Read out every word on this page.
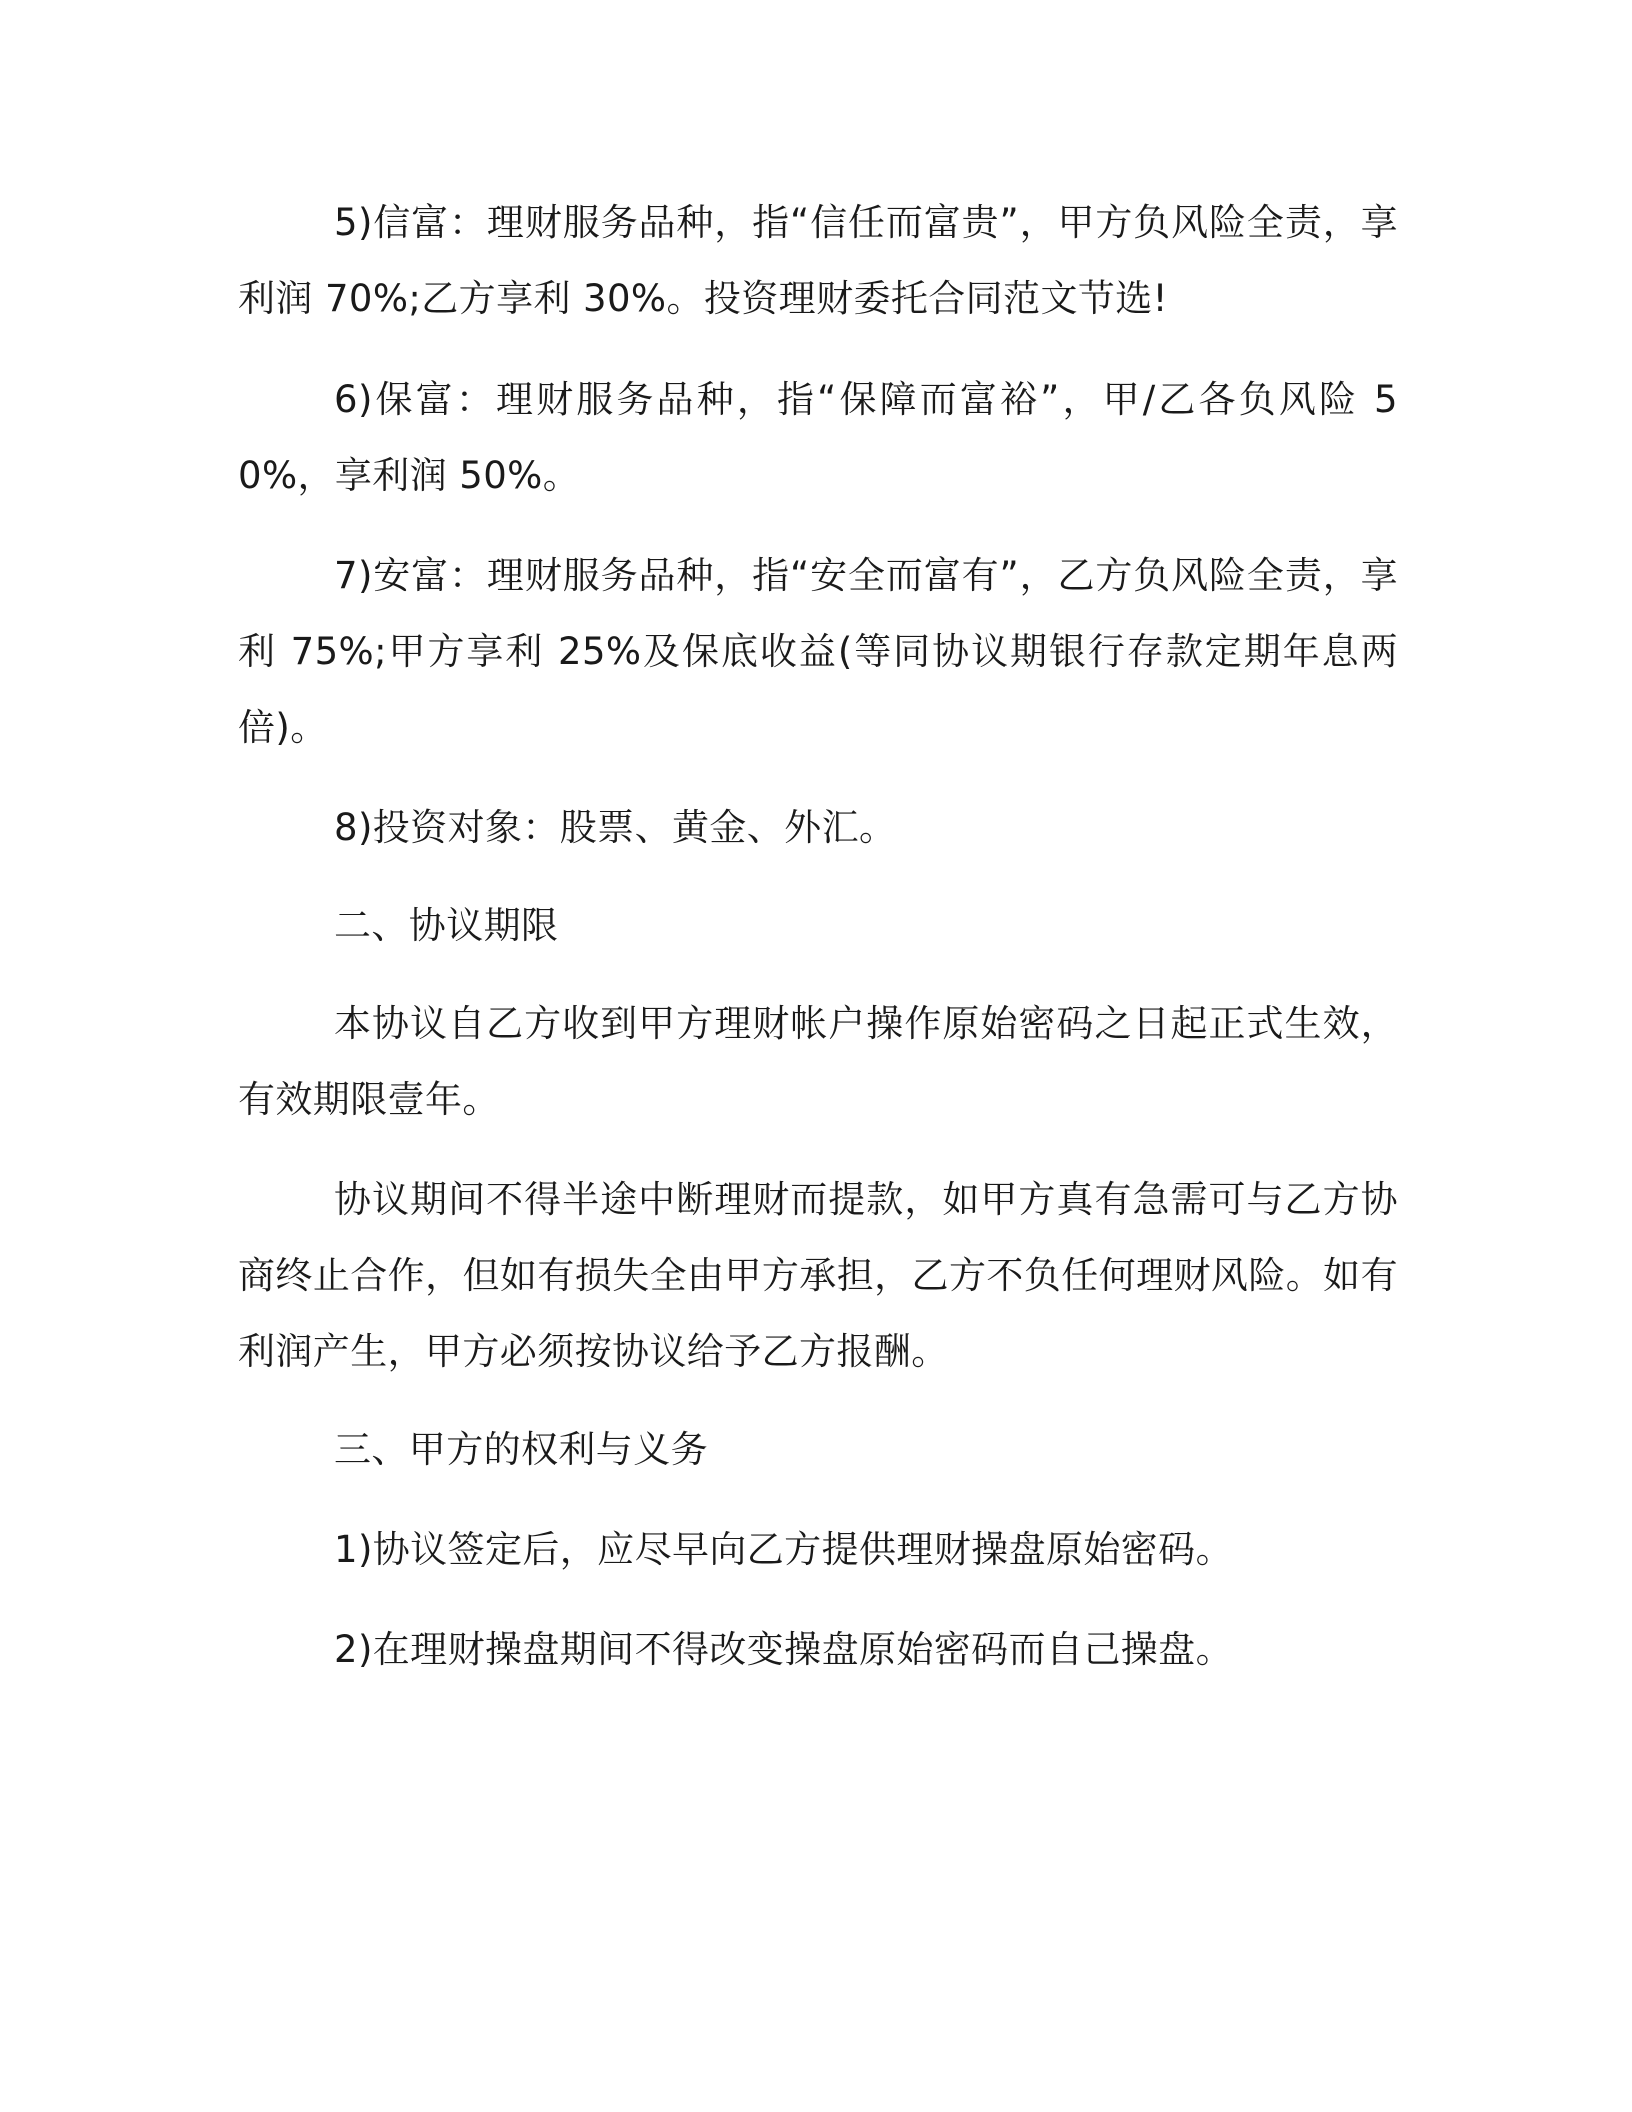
5)信富：理财服务品种，指“信任而富贵”，甲方负风险全责，享利润 70%;乙方享利 30%。投资理财委托合同范文节选!

6)保富：理财服务品种，指“保障而富裕”，甲/乙各负风险 50%，享利润 50%。

7)安富：理财服务品种，指“安全而富有”，乙方负风险全责，享利 75%;甲方享利 25%及保底收益(等同协议期银行存款定期年息两倍)。

8)投资对象：股票、黄金、外汇。

二、协议期限

本协议自乙方收到甲方理财帐户操作原始密码之日起正式生效，有效期限壹年。

协议期间不得半途中断理财而提款，如甲方真有急需可与乙方协商终止合作，但如有损失全由甲方承担，乙方不负任何理财风险。如有利润产生，甲方必须按协议给予乙方报酬。

三、甲方的权利与义务

1)协议签定后，应尽早向乙方提供理财操盘原始密码。

2)在理财操盘期间不得改变操盘原始密码而自己操盘。
